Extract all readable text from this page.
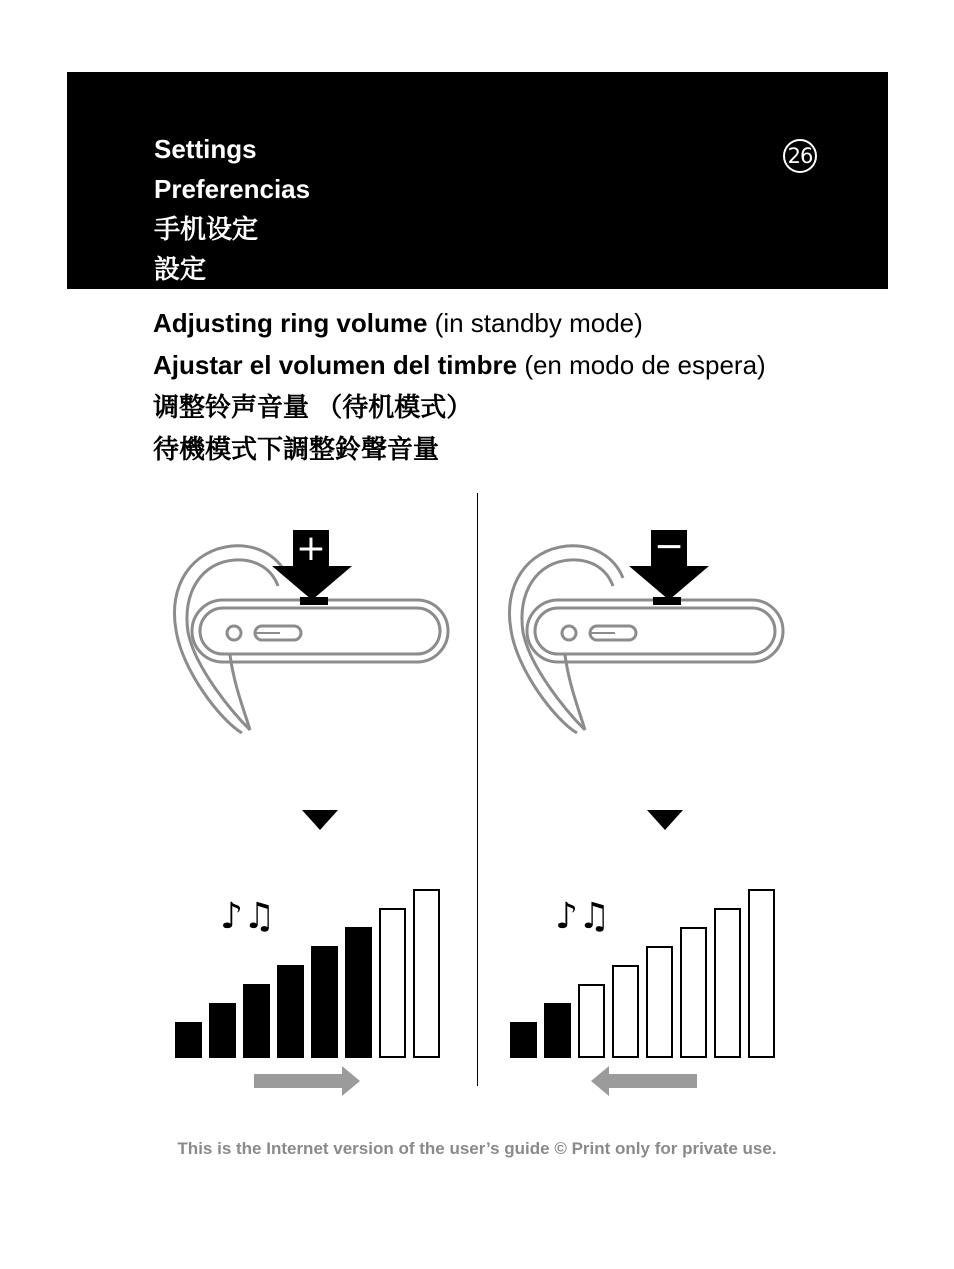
Settings
Preferencias
手机设定
設定
26
Adjusting ring volume (in standby mode)
Ajustar el volumen del timbre (en modo de espera)
调整铃声音量 （待机模式）
待機模式下調整鈴聲音量
+
♪♫
−
♪♫
This is the Internet version of the user’s guide © Print only for private use.
